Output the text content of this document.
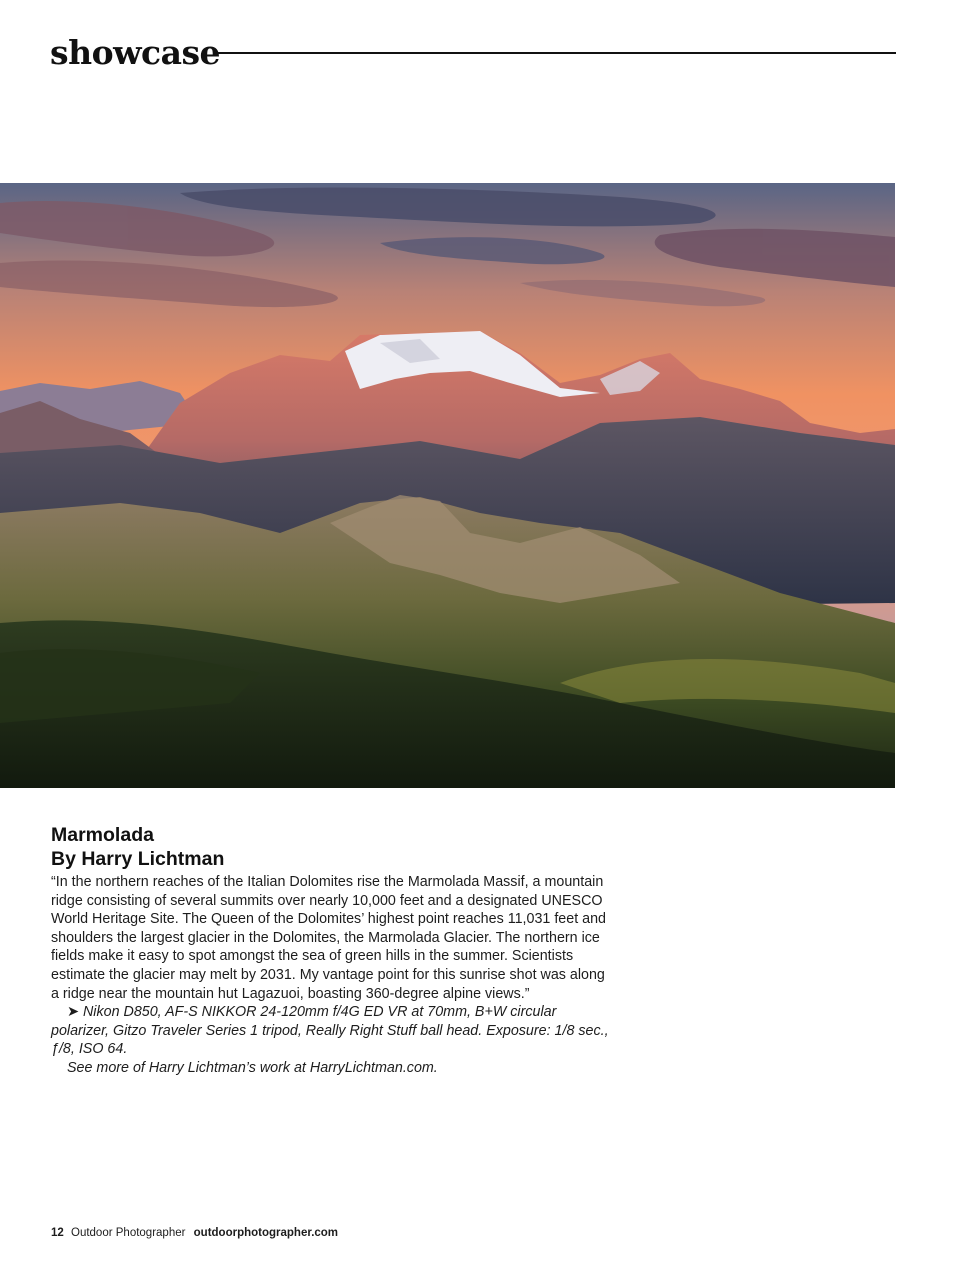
showcase
Marmolada
By Harry Lichtman

“In the northern reaches of the Italian Dolomites rise the Marmolada Massif, a mountain ridge consisting of several summits over nearly 10,000 feet and a designated UNESCO World Heritage Site. The Queen of the Dolomites’ highest point reaches 11,031 feet and shoulders the largest glacier in the Dolomites, the Marmolada Glacier. The northern ice fields make it easy to spot amongst the sea of green hills in the summer. Scientists estimate the glacier may melt by 2031. My vantage point for this sunrise shot was along a ridge near the mountain hut Lagazuoi, boasting 360-degree alpine views.”

➤ Nikon D850, AF-S NIKKOR 24-120mm f/4G ED VR at 70mm, B+W circular polarizer, Gitzo Traveler Series 1 tripod, Really Right Stuff ball head. Exposure: 1/8 sec., ƒ/8, ISO 64.

See more of Harry Lichtman’s work at HarryLichtman.com.

12 Outdoor Photographer outdoorphotographer.com
